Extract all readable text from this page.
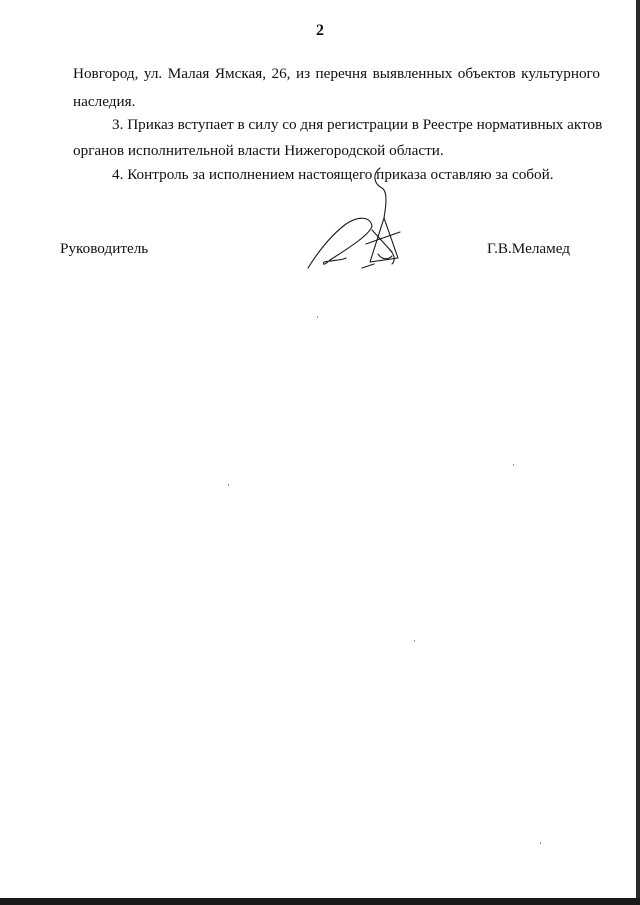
2
Новгород, ул. Малая Ямская, 26, из перечня выявленных объектов культурного
наследия.
3. Приказ вступает в силу со дня регистрации в Реестре нормативных актов
органов исполнительной власти Нижегородской области.
4. Контроль за исполнением настоящего приказа оставляю за собой.
Руководитель	Г.В.Меламед
